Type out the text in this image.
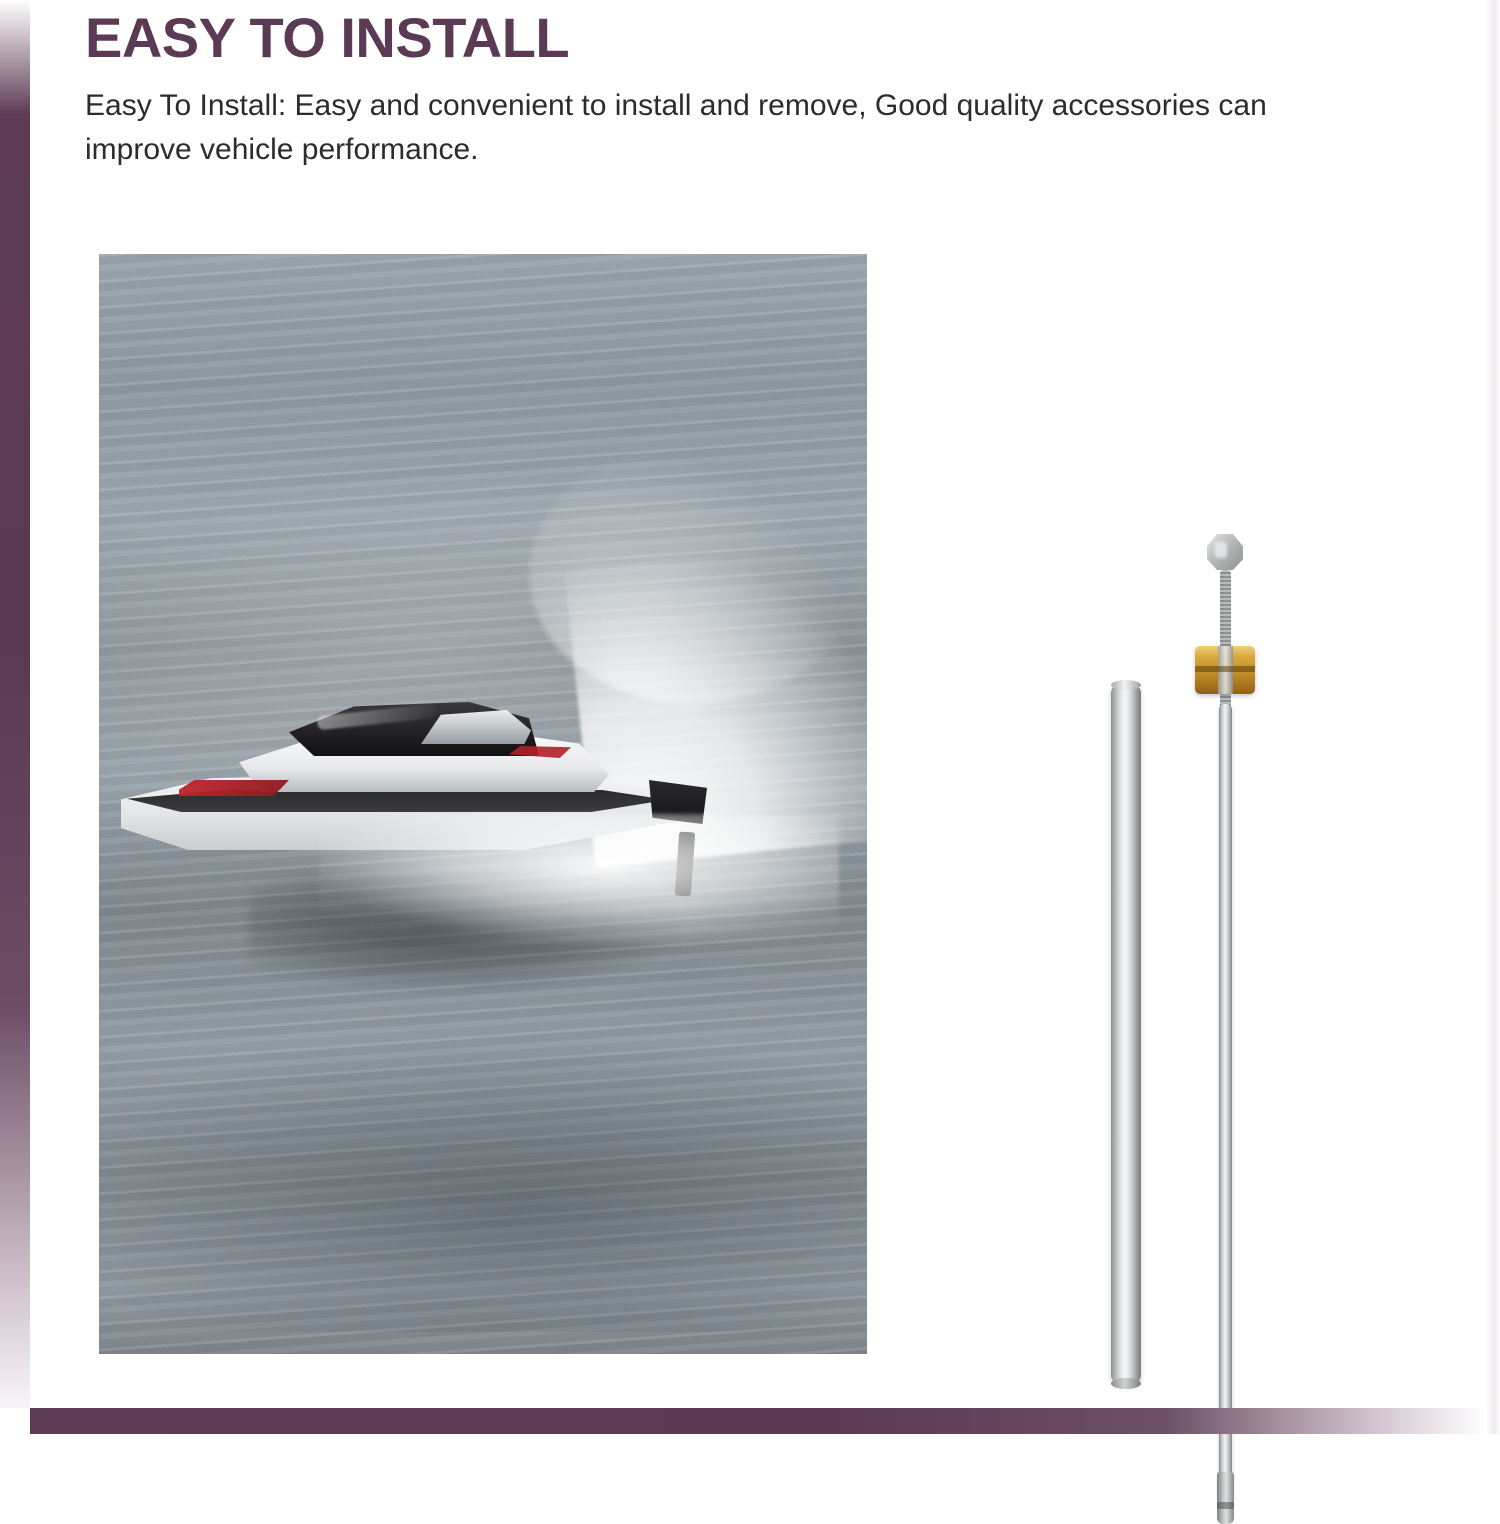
EASY TO INSTALL

Easy To Install: Easy and convenient to install and remove, Good quality accessories can improve vehicle performance.
